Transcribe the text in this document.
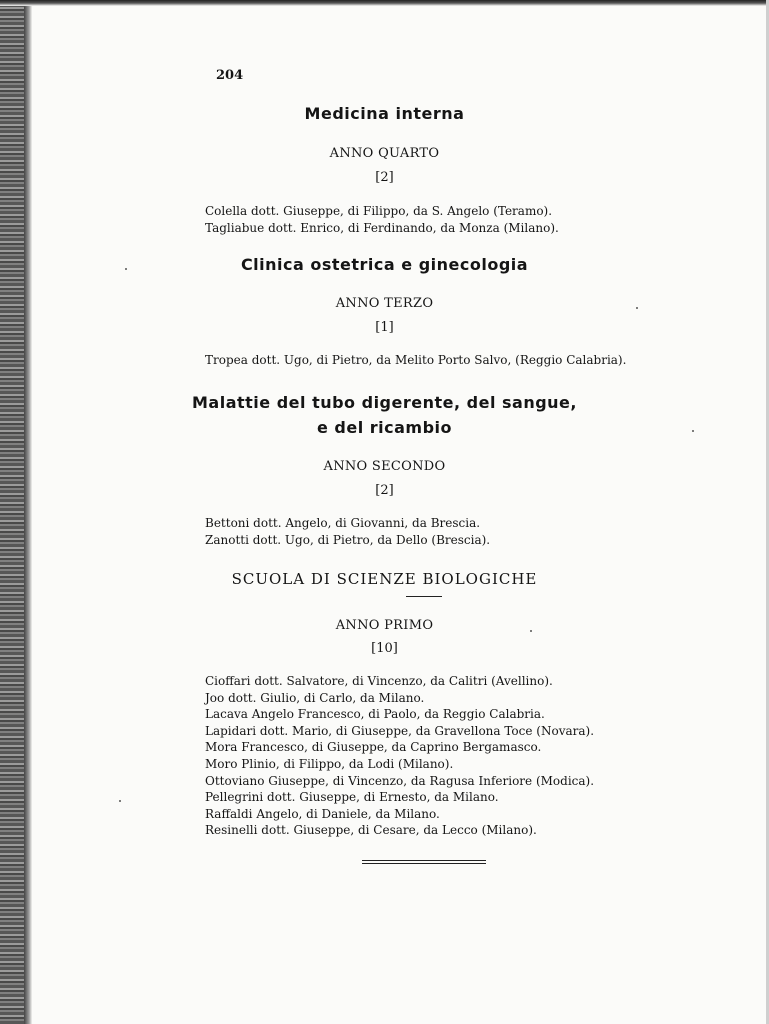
204
Medicina interna
ANNO QUARTO
[2]
Colella dott. Giuseppe, di Filippo, da S. Angelo (Teramo).
Tagliabue dott. Enrico, di Ferdinando, da Monza (Milano).
Clinica ostetrica e ginecologia
ANNO TERZO
[1]
Tropea dott. Ugo, di Pietro, da Melito Porto Salvo, (Reggio Calabria).
Malattie del tubo digerente, del sangue,
e del ricambio
ANNO SECONDO
[2]
Bettoni dott. Angelo, di Giovanni, da Brescia.
Zanotti dott. Ugo, di Pietro, da Dello (Brescia).
SCUOLA DI SCIENZE BIOLOGICHE
ANNO PRIMO
[10]
Cioffari dott. Salvatore, di Vincenzo, da Calitri (Avellino).
Joo dott. Giulio, di Carlo, da Milano.
Lacava Angelo Francesco, di Paolo, da Reggio Calabria.
Lapidari dott. Mario, di Giuseppe, da Gravellona Toce (Novara).
Mora Francesco, di Giuseppe, da Caprino Bergamasco.
Moro Plinio, di Filippo, da Lodi (Milano).
Ottoviano Giuseppe, di Vincenzo, da Ragusa Inferiore (Modica).
Pellegrini dott. Giuseppe, di Ernesto, da Milano.
Raffaldi Angelo, di Daniele, da Milano.
Resinelli dott. Giuseppe, di Cesare, da Lecco (Milano).
